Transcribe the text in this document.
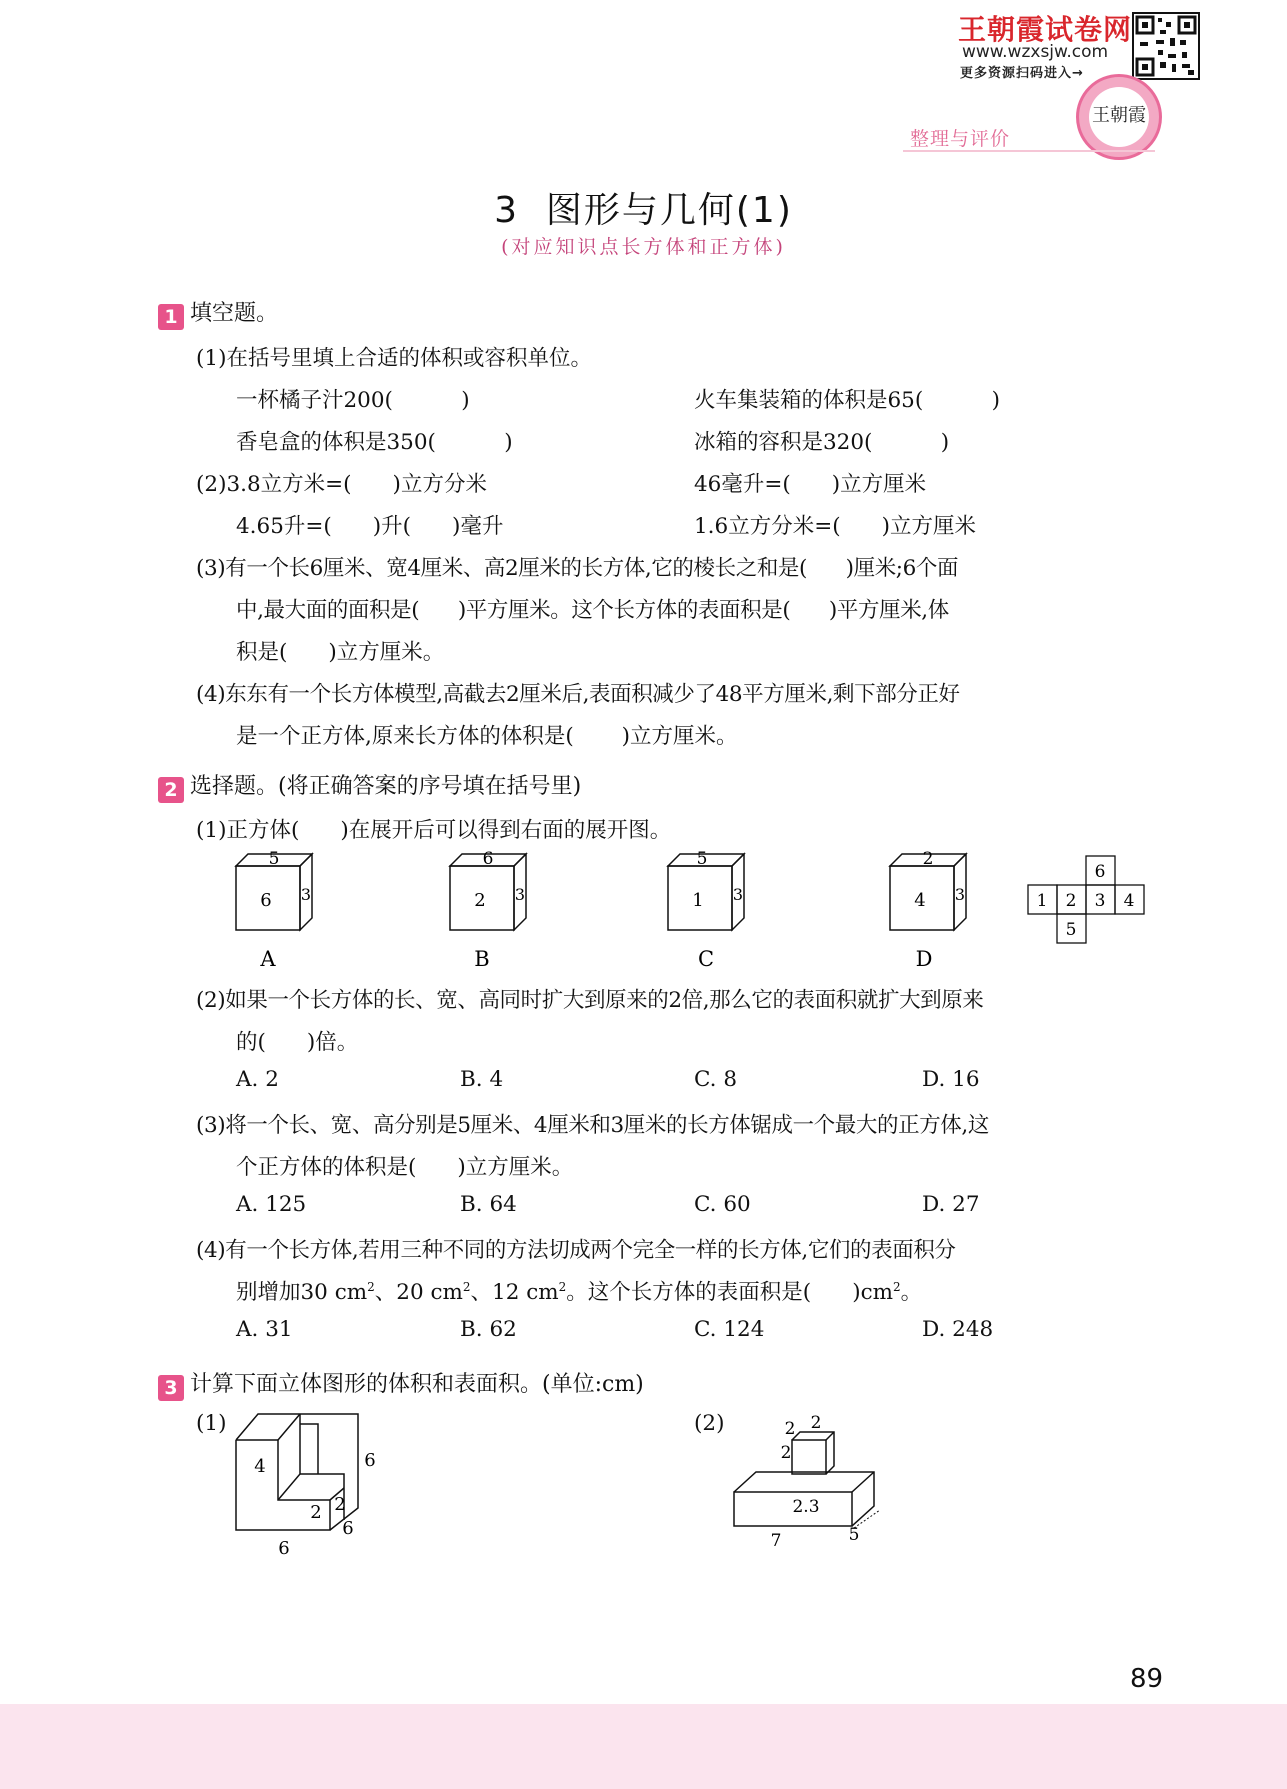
王朝霞试卷网
www.wzxsjw.com
更多资源扫码进入→
王朝霞
整理与评价
3  图形与几何(1)
(对应知识点长方体和正方体)
1 填空题。
(1)在括号里填上合适的体积或容积单位。
一杯橘子汁200(          )	火车集装箱的体积是65(          )
香皂盒的体积是350(          )	冰箱的容积是320(          )
(2)3.8立方米=(      )立方分米	46毫升=(      )立方厘米
4.65升=(      )升(      )毫升	1.6立方分米=(      )立方厘米
(3)有一个长6厘米、宽4厘米、高2厘米的长方体,它的棱长之和是(      )厘米;6个面
中,最大面的面积是(      )平方厘米。这个长方体的表面积是(      )平方厘米,体
积是(      )立方厘米。
(4)东东有一个长方体模型,高截去2厘米后,表面积减少了48平方厘米,剩下部分正好
是一个正方体,原来长方体的体积是(       )立方厘米。
2 选择题。(将正确答案的序号填在括号里)
(1)正方体(      )在展开后可以得到右面的展开图。
5
6 3
A
6
2 3
B
5
1 3
C
2
4 3
D
6
1 2 3 4
5
(2)如果一个长方体的长、宽、高同时扩大到原来的2倍,那么它的表面积就扩大到原来
的(      )倍。
A. 2	B. 4	C. 8	D. 16
(3)将一个长、宽、高分别是5厘米、4厘米和3厘米的长方体锯成一个最大的正方体,这
个正方体的体积是(      )立方厘米。
A. 125	B. 64	C. 60	D. 27
(4)有一个长方体,若用三种不同的方法切成两个完全一样的长方体,它们的表面积分
别增加30 $cm^2$、20 $cm^2$、12 $cm^2$。这个长方体的表面积是(      )$cm^2$。
A. 31	B. 62	C. 124	D. 248
3 计算下面立体图形的体积和表面积。(单位:cm)
(1)	(2)
4	6
2 2
6
6
2 2
2
2.3
7	5
89
